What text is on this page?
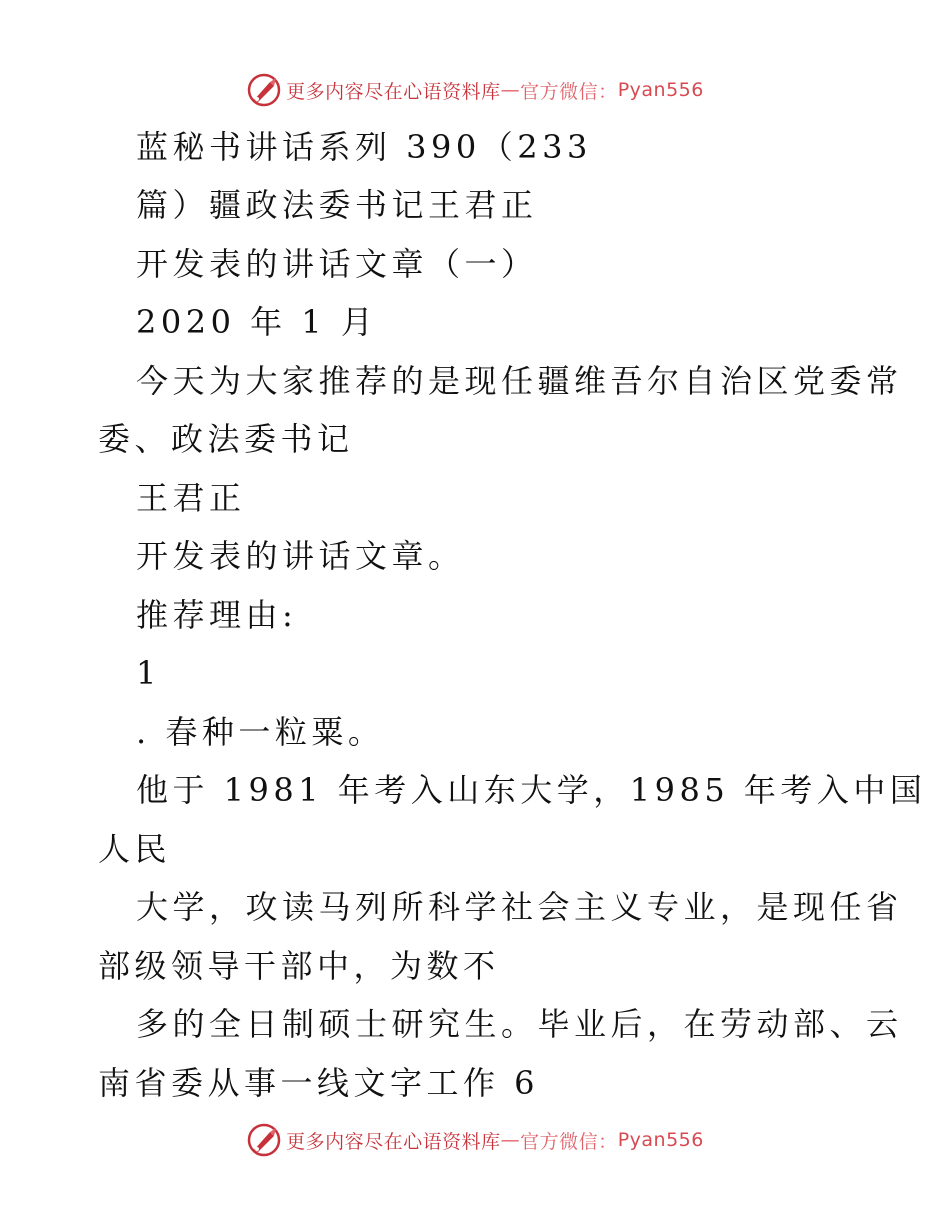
更多内容尽在心语资料库 — 官方微信： Pyan556
蓝秘书讲话系列 390（233
篇）疆政法委书记王君正
开发表的讲话文章（一）
2020 年 1 月
今天为大家推荐的是现任疆维吾尔自治区党委常
委、政法委书记
王君正
开发表的讲话文章。
推荐理由:
1
. 春种一粒粟。
他于 1981 年考入山东大学，1985 年考入中国
人民
大学，攻读马列所科学社会主义专业，是现任省
部级领导干部中，为数不
多的全日制硕士研究生。毕业后，在劳动部、云
南省委从事一线文字工作 6
更多内容尽在心语资料库 — 官方微信： Pyan556
